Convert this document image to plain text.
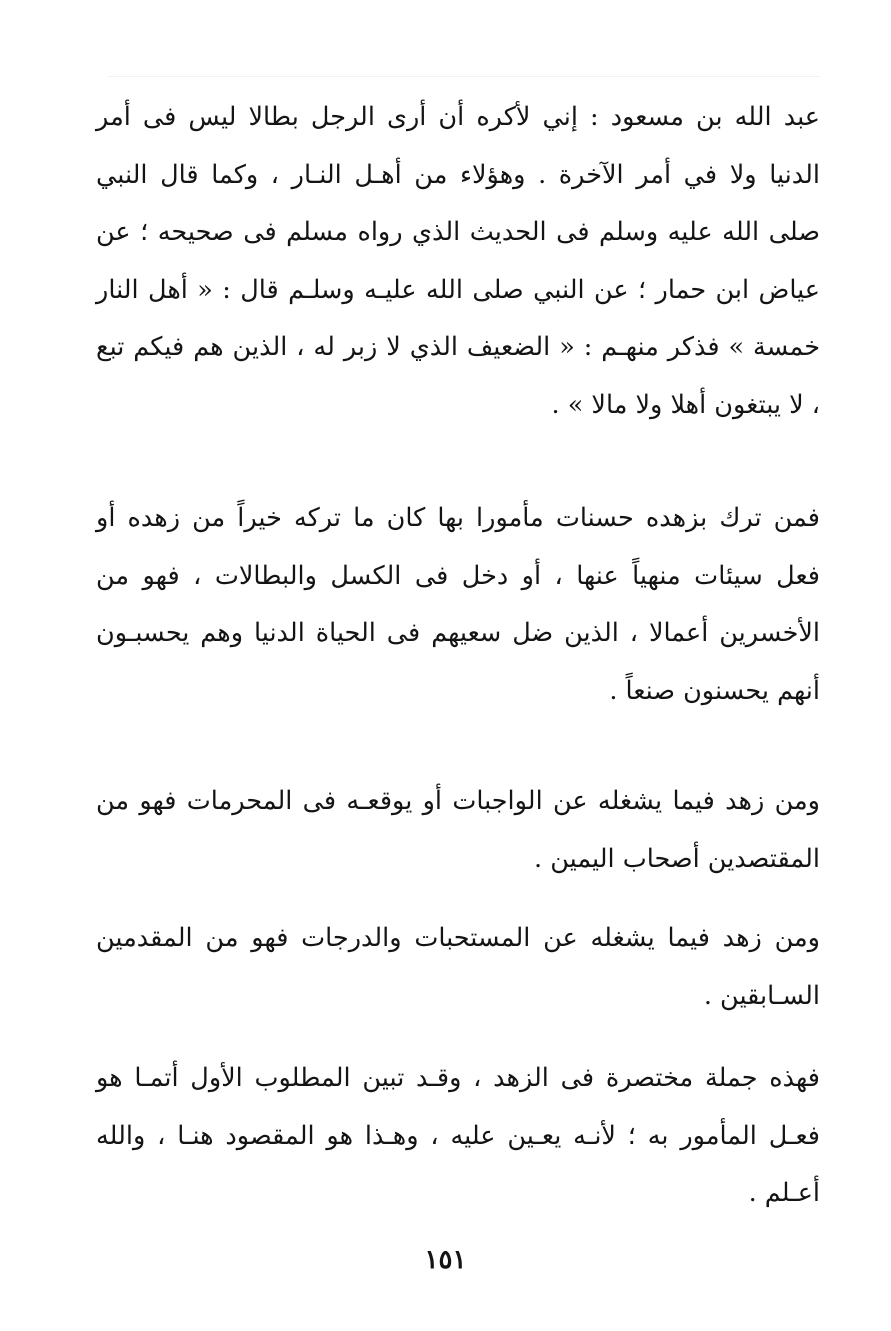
عبد الله بن مسعود : إني لأكره أن أرى الرجل بطالا ليس فى أمر الدنيا ولا في أمر الآخرة . وهؤلاء من أهـل النـار ، وكما قال النبي صلى الله عليه وسلم فى الحديث الذي رواه مسلم فى صحيحه ؛ عن عياض ابن حمار ؛ عن النبي صلى الله عليـه وسلـم قال : « أهل النار خمسة » فذكر منهـم : « الضعيف الذي لا زبر له ، الذين هم فيكم تبع ، لا يبتغون أهلا ولا مالا » .

فمن ترك بزهده حسنات مأمورا بها كان ما تركه خيراً من زهده أو فعل سيئات منهياً عنها ، أو دخل فى الكسل والبطالات ، فهو من الأخسرين أعمالا ، الذين ضل سعيهم فى الحياة الدنيا وهم يحسبـون أنهم يحسنون صنعاً .

ومن زهد فيما يشغله عن الواجبات أو يوقعـه فى المحرمات فهو من المقتصدين أصحاب اليمين .

ومن زهد فيما يشغله عن المستحبات والدرجات فهو من المقدمين السـابقين .

فهذه جملة مختصرة فى الزهد ، وقـد تبين المطلوب الأول أتمـا هو فعـل المأمور به ؛ لأنـه يعـين عليه ، وهـذا هو المقصود هنـا ، والله أعـلم .

١٥١
